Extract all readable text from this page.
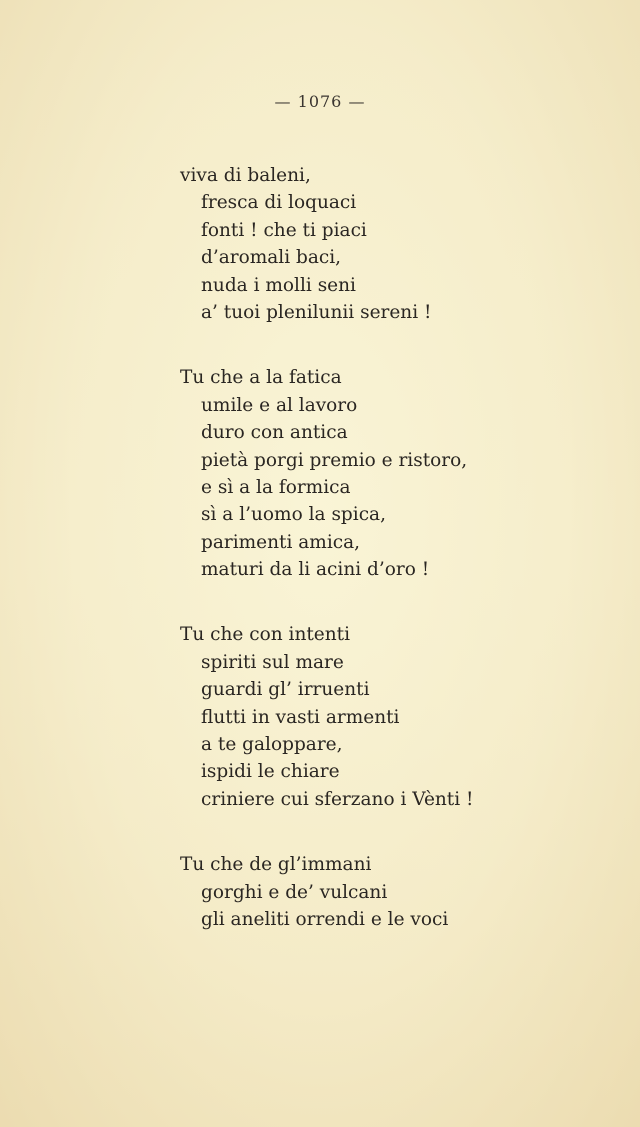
— 1076 —
viva di baleni,
fresca di loquaci
fonti ! che ti piaci
d’aromali baci,
nuda i molli seni
a’ tuoi plenilunii sereni !
Tu che a la fatica
umile e al lavoro
duro con antica
pietà porgi premio e ristoro,
e sì a la formica
sì a l’uomo la spica,
parimenti amica,
maturi da li acini d’oro !
Tu che con intenti
spiriti sul mare
guardi gl’ irruenti
flutti in vasti armenti
a te galoppare,
ispidi le chiare
criniere cui sferzano i Vènti !
Tu che de gl’immani
gorghi e de’ vulcani
gli aneliti orrendi e le voci
